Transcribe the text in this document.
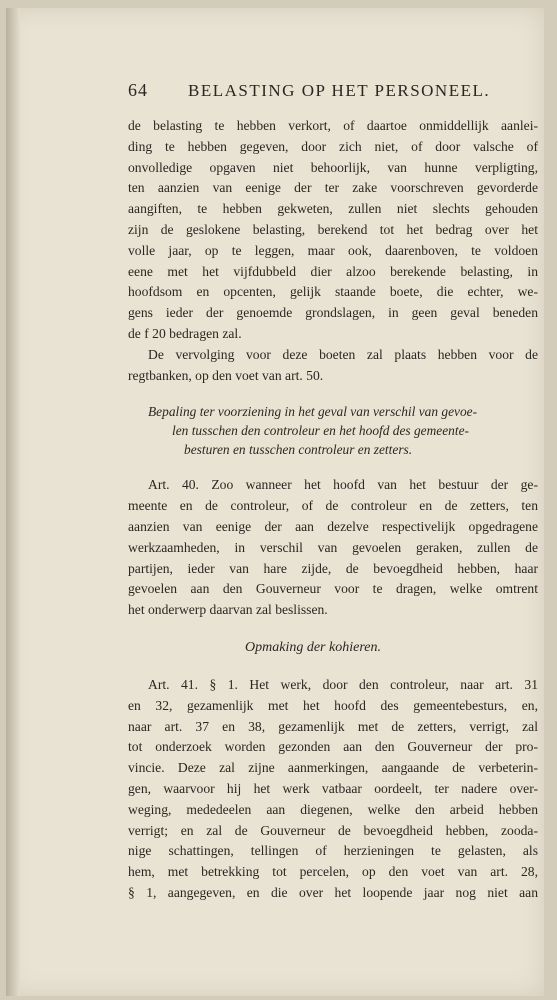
64	BELASTING OP HET PERSONEEL.
de belasting te hebben verkort, of daartoe onmiddellijk aanlei-
ding te hebben gegeven, door zich niet, of door valsche of
onvolledige opgaven niet behoorlijk, van hunne verpligting,
ten aanzien van eenige der ter zake voorschreven gevorderde
aangiften, te hebben gekweten, zullen niet slechts gehouden
zijn de geslokene belasting, berekend tot het bedrag over het
volle jaar, op te leggen, maar ook, daarenboven, te voldoen
eene met het vijfdubbeld dier alzoo berekende belasting, in
hoofdsom en opcenten, gelijk staande boete, die echter, we-
gens ieder der genoemde grondslagen, in geen geval beneden
de f 20 bedragen zal.
De vervolging voor deze boeten zal plaats hebben voor de
regtbanken, op den voet van art. 50.
Bepaling ter voorziening in het geval van verschil van gevoe-
len tusschen den controleur en het hoofd des gemeente-
besturen en tusschen controleur en zetters.
Art. 40. Zoo wanneer het hoofd van het bestuur der ge-
meente en de controleur, of de controleur en de zetters, ten
aanzien van eenige der aan dezelve respectivelijk opgedragene
werkzaamheden, in verschil van gevoelen geraken, zullen de
partijen, ieder van hare zijde, de bevoegdheid hebben, haar
gevoelen aan den Gouverneur voor te dragen, welke omtrent
het onderwerp daarvan zal beslissen.
Opmaking der kohieren.
Art. 41. § 1. Het werk, door den controleur, naar art. 31
en 32, gezamenlijk met het hoofd des gemeentebesturs, en,
naar art. 37 en 38, gezamenlijk met de zetters, verrigt, zal
tot onderzoek worden gezonden aan den Gouverneur der pro-
vincie. Deze zal zijne aanmerkingen, aangaande de verbeterin-
gen, waarvoor hij het werk vatbaar oordeelt, ter nadere over-
weging, mededeelen aan diegenen, welke den arbeid hebben
verrigt; en zal de Gouverneur de bevoegdheid hebben, zooda-
nige schattingen, tellingen of herzieningen te gelasten, als
hem, met betrekking tot percelen, op den voet van art. 28,
§ 1, aangegeven, en die over het loopende jaar nog niet aan
